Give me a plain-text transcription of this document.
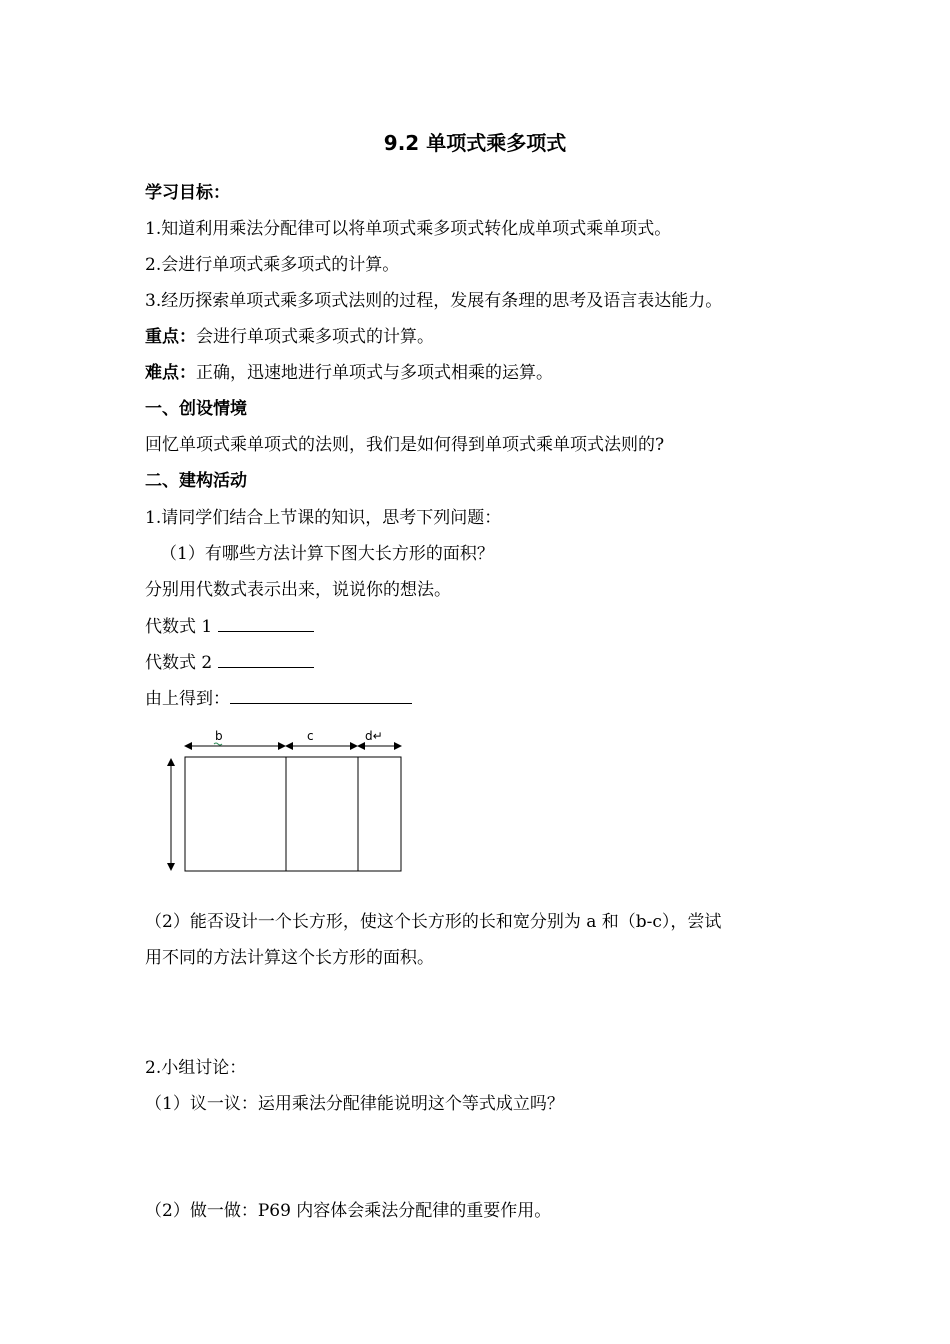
9.2 单项式乘多项式
学习目标：
1.知道利用乘法分配律可以将单项式乘多项式转化成单项式乘单项式。
2.会进行单项式乘多项式的计算。
3.经历探索单项式乘多项式法则的过程，发展有条理的思考及语言表达能力。
重点：会进行单项式乘多项式的计算。
难点：正确，迅速地进行单项式与多项式相乘的运算。
一、创设情境
回忆单项式乘单项式的法则，我们是如何得到单项式乘单项式法则的?
二、建构活动
1.请同学们结合上节课的知识，思考下列问题：
（1）有哪些方法计算下图大长方形的面积？
分别用代数式表示出来，说说你的想法。
代数式 1
代数式 2
由上得到：
b	c	d↵
（2）能否设计一个长方形，使这个长方形的长和宽分别为 a 和（b-c），尝试
用不同的方法计算这个长方形的面积。
2.小组讨论：
（1）议一议：运用乘法分配律能说明这个等式成立吗？
（2）做一做：P69 内容体会乘法分配律的重要作用。
